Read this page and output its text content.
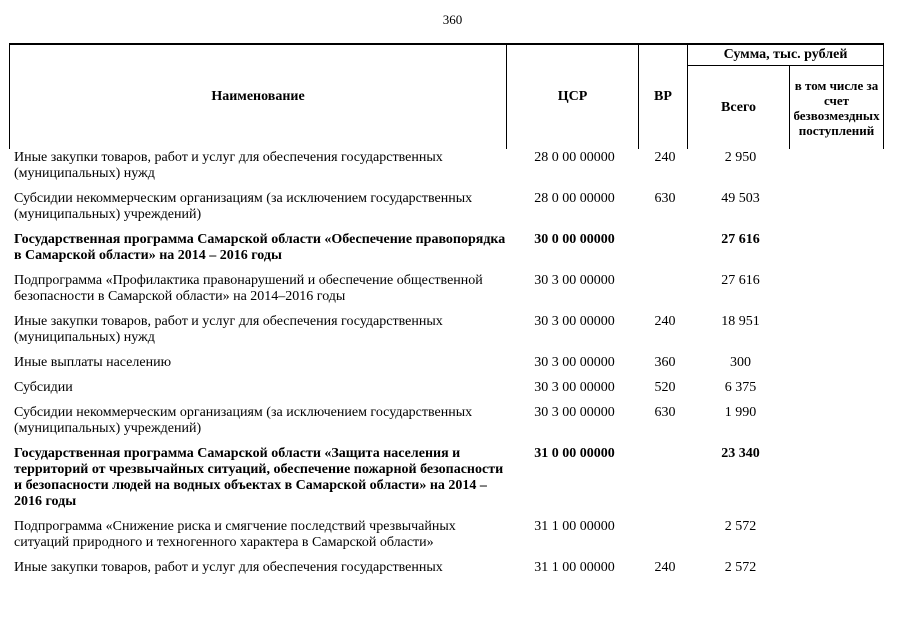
360
Наименование	ЦСР	ВР	Сумма, тыс. рублей	
			Всего	в том числе за счет безвозмездных поступлений
Иные закупки товаров, работ и услуг для обеспечения государственных (муниципальных) нужд	28 0 00 00000	240	2 950	
Субсидии некоммерческим организациям (за исключением государственных (муниципальных) учреждений)	28 0 00 00000	630	49 503	
Государственная программа Самарской области «Обеспечение правопорядка в Самарской области» на 2014 – 2016 годы	30 0 00 00000		27 616	
Подпрограмма «Профилактика правонарушений и обеспечение общественной безопасности в Самарской области» на 2014–2016 годы	30 3 00 00000		27 616	
Иные закупки товаров, работ и услуг для обеспечения государственных (муниципальных) нужд	30 3 00 00000	240	18 951	
Иные выплаты населению	30 3 00 00000	360	300	
Субсидии	30 3 00 00000	520	6 375	
Субсидии некоммерческим организациям (за исключением государственных (муниципальных) учреждений)	30 3 00 00000	630	1 990	
Государственная программа Самарской области «Защита населения и территорий от чрезвычайных ситуаций, обеспечение пожарной безопасности и безопасности людей на водных объектах в Самарской области» на 2014 – 2016 годы	31 0 00 00000		23 340	
Подпрограмма «Снижение риска и смягчение последствий чрезвычайных ситуаций природного и техногенного характера в Самарской области»	31 1 00 00000		2 572	
Иные закупки товаров, работ и услуг для обеспечения государственных	31 1 00 00000	240	2 572	
